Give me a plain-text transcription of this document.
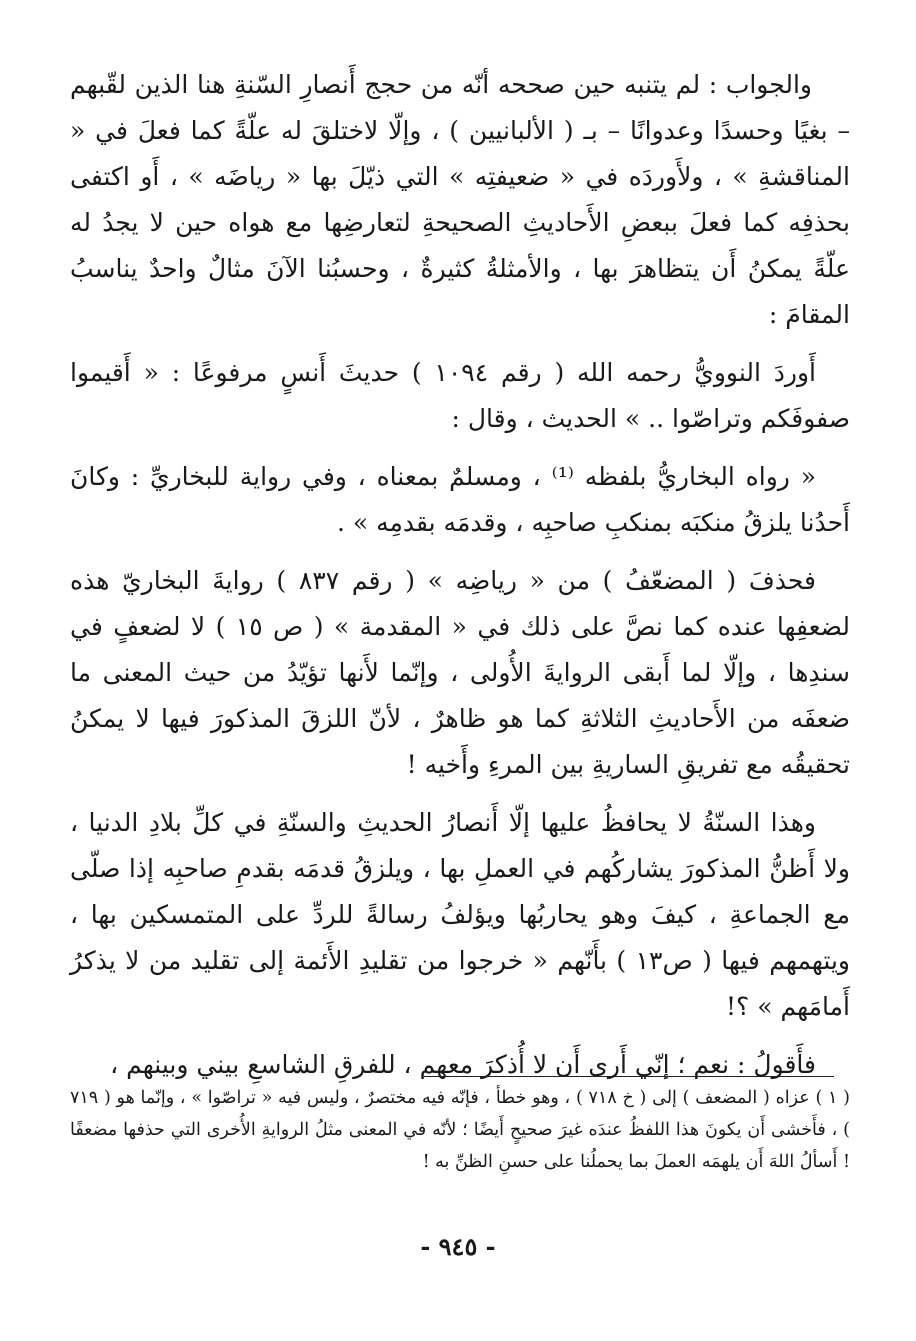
والجواب : لم يتنبه حين صححه أنّه من حجج أَنصارِ السّنةِ هنا الذين لقّبهم – بغيًا وحسدًا وعدوانًا – بـ ( الألبانيين ) ، وإلّا لاختلقَ له علّةً كما فعلَ في « المناقشةِ » ، ولأَوردَه في « ضعيفتِه » التي ذيّلَ بها « رياضَه » ، أَو اكتفى بحذفِه كما فعلَ ببعضِ الأَحاديثِ الصحيحةِ لتعارضِها مع هواه حين لا يجدُ له علّةً يمكنُ أَن يتظاهرَ بها ، والأمثلةُ كثيرةٌ ، وحسبُنا الآنَ مثالٌ واحدٌ يناسبُ المقامَ :

أَوردَ النوويُّ رحمه الله ( رقم ١٠٩٤ ) حديثَ أَنسٍ مرفوعًا : « أَقيموا صفوفَكم وتراصّوا .. » الحديث ، وقال :

« رواه البخاريُّ بلفظه ⁽¹⁾ ، ومسلمٌ بمعناه ، وفي رواية للبخاريِّ : وكانَ أَحدُنا يلزقُ منكبَه بمنكبِ صاحبِه ، وقدمَه بقدمِه » .

فحذفَ ( المضعّفُ ) من « رياضِه » ( رقم ٨٣٧ ) روايةَ البخاريّ هذه لضعفِها عنده كما نصَّ على ذلك في « المقدمة » ( ص ١٥ ) لا لضعفٍ في سندِها ، وإلّا لما أَبقى الروايةَ الأُولى ، وإنّما لأَنها تؤيّدُ من حيث المعنى ما ضعفَه من الأَحاديثِ الثلاثةِ كما هو ظاهرٌ ، لأنّ اللزقَ المذكورَ فيها لا يمكنُ تحقيقُه مع تفريقِ الساريةِ بين المرءِ وأَخيه !

وهذا السنّةُ لا يحافظُ عليها إلّا أَنصارُ الحديثِ والسنّةِ في كلِّ بلادِ الدنيا ، ولا أَظنُّ المذكورَ يشاركُهم في العملِ بها ، ويلزقُ قدمَه بقدمِ صاحبِه إذا صلّى مع الجماعةِ ، كيفَ وهو يحاربُها ويؤلفُ رسالةً للردِّ على المتمسكين بها ، ويتهمهم فيها ( ص١٣ ) بأَنّهم « خرجوا من تقليدِ الأَئمة إلى تقليد من لا يذكرُ أَمامَهم » ؟!

فأَقولُ : نعم ؛ إنّي أَرى أَن لا أُذكرَ معهم ، للفرقِ الشاسعِ بيني وبينهم ،

( ١ ) عزاه ( المضعف ) إلى ( خ ٧١٨ ) ، وهو خطأ ، فإنّه فيه مختصرٌ ، وليس فيه « تراصّوا » ، وإنّما هو ( ٧١٩ ) ، فأَخشى أَن يكونَ هذا اللفظُ عندَه غيرَ صحيحٍ أَيضًا ؛ لأنّه في المعنى مثلُ الروايةِ الأُخرى التي حذفها مضعفًا ! أَسألُ اللهَ أَن يلهمَه العملَ بما يحملُنا على حسنِ الظنِّ به !
- ٩٤٥ -
